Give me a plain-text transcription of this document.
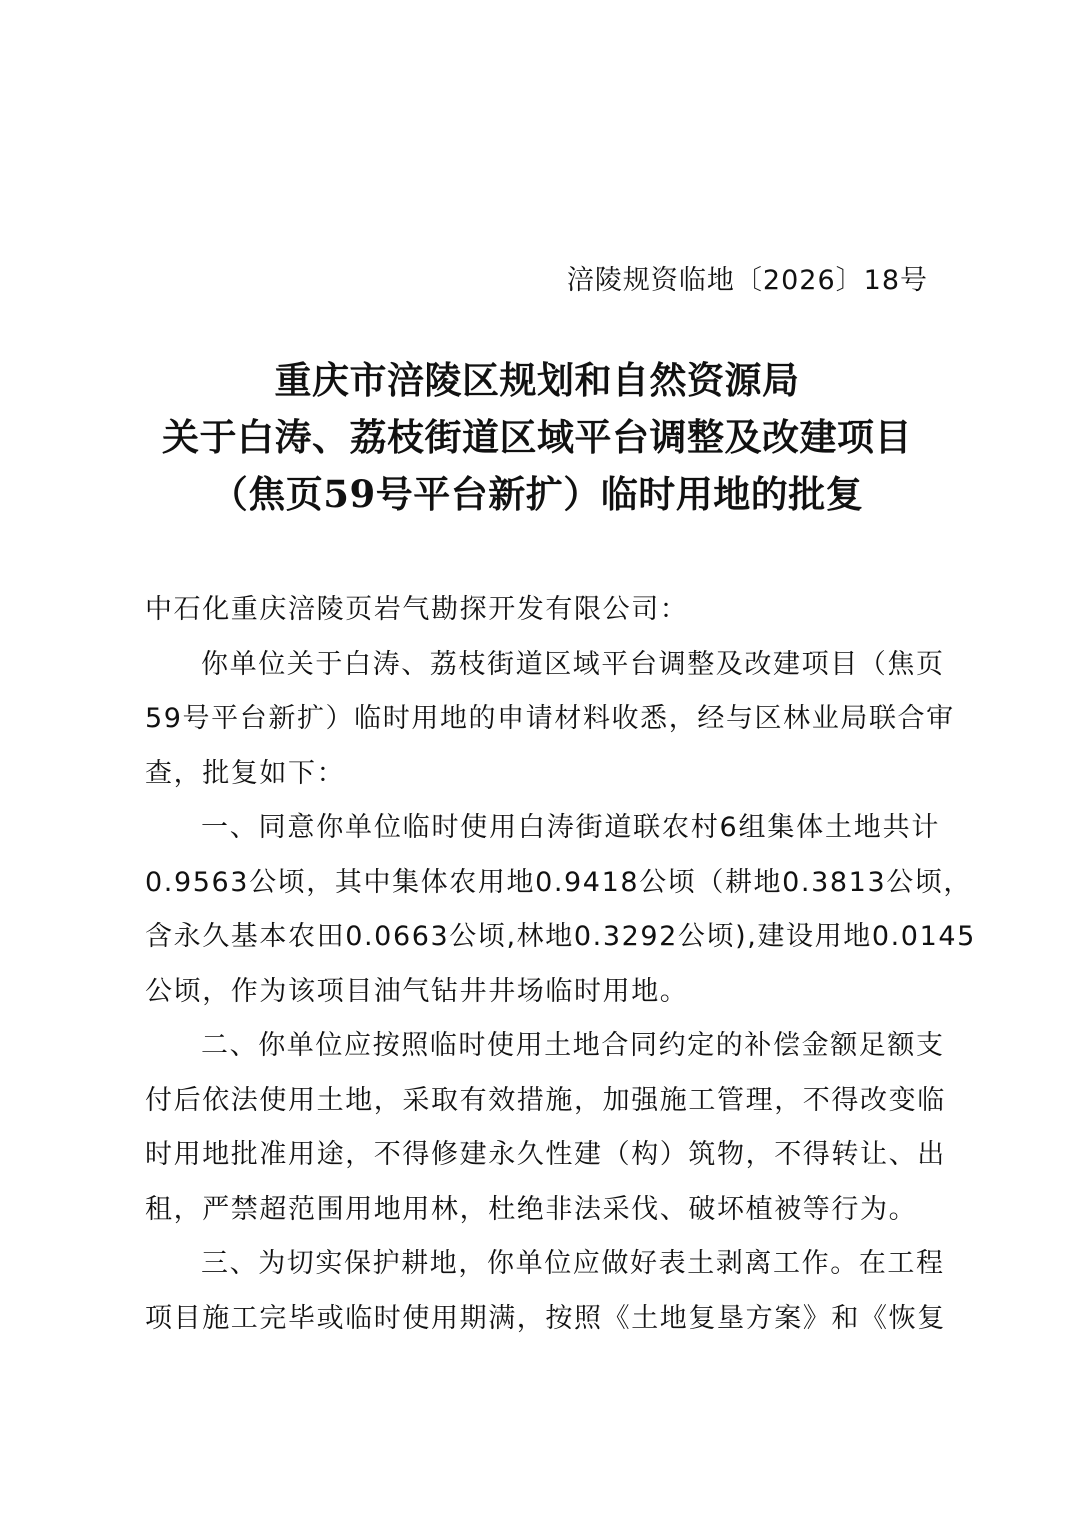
涪陵规资临地〔2026〕18号
重庆市涪陵区规划和自然资源局
关于白涛、荔枝街道区域平台调整及改建项目
（焦页59号平台新扩）临时用地的批复
中石化重庆涪陵页岩气勘探开发有限公司：
你单位关于白涛、荔枝街道区域平台调整及改建项目（焦页
59号平台新扩）临时用地的申请材料收悉，经与区林业局联合审
查，批复如下：
一、同意你单位临时使用白涛街道联农村6组集体土地共计
0.9563公顷，其中集体农用地0.9418公顷（耕地0.3813公顷，
含永久基本农田0.0663公顷,林地0.3292公顷),建设用地0.0145
公顷，作为该项目油气钻井井场临时用地。
二、你单位应按照临时使用土地合同约定的补偿金额足额支
付后依法使用土地，采取有效措施，加强施工管理，不得改变临
时用地批准用途，不得修建永久性建（构）筑物，不得转让、出
租，严禁超范围用地用林，杜绝非法采伐、破坏植被等行为。
三、为切实保护耕地，你单位应做好表土剥离工作。在工程
项目施工完毕或临时使用期满，按照《土地复垦方案》和《恢复
